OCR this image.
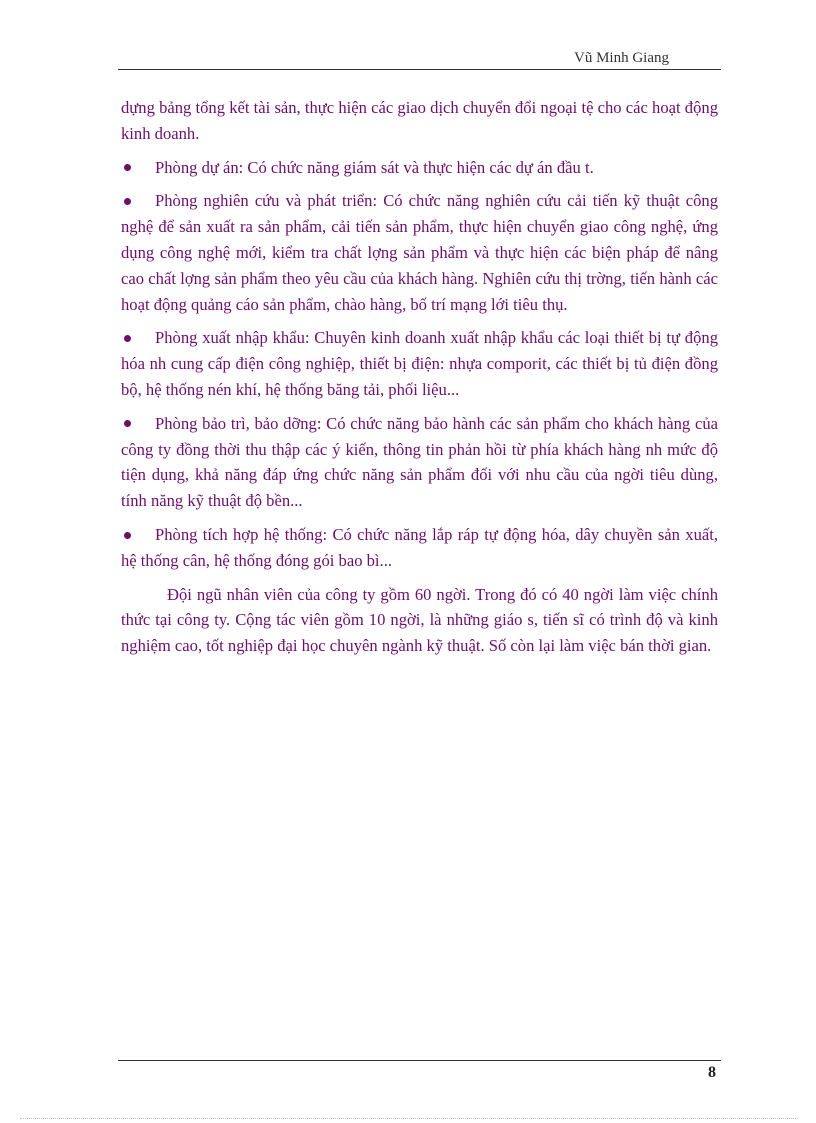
Vũ Minh Giang

dựng bảng tổng kết tài sản, thực hiện các giao dịch chuyển đổi ngoại tệ cho các hoạt động kinh doanh.

Phòng dự án: Có chức năng giám sát và thực hiện các dự án đầu t.
Phòng nghiên cứu và phát triển: Có chức năng nghiên cứu cải tiến kỹ thuật công nghệ để sản xuất ra sản phẩm, cải tiến sản phẩm, thực hiện chuyển giao công nghệ, ứng dụng công nghệ mới, kiểm tra chất lợng sản phẩm và thực hiện các biện pháp để nâng cao chất lợng sản phẩm theo yêu cầu của khách hàng. Nghiên cứu thị trờng, tiến hành các hoạt động quảng cáo sản phẩm, chào hàng, bố trí mạng lới tiêu thụ.
Phòng xuất nhập khẩu: Chuyên kinh doanh xuất nhập khẩu các loại thiết bị tự động hóa nh cung cấp điện công nghiệp, thiết bị điện: nhựa comporit, các thiết bị tủ điện đồng bộ, hệ thống nén khí, hệ thống băng tải, phối liệu...
Phòng bảo trì, bảo dỡng: Có chức năng bảo hành các sản phẩm cho khách hàng của công ty đồng thời thu thập các ý kiến, thông tin phản hồi từ phía khách hàng nh mức độ tiện dụng, khả năng đáp ứng chức năng sản phẩm đối với nhu cầu của ngời tiêu dùng, tính năng kỹ thuật độ bền...
Phòng tích hợp hệ thống: Có chức năng lắp ráp tự động hóa, dây chuyền sản xuất, hệ thống cân, hệ thống đóng gói bao bì...

Đội ngũ nhân viên của công ty gồm 60 ngời. Trong đó có 40 ngời làm việc chính thức tại công ty. Cộng tác viên gồm 10 ngời, là những giáo s, tiến sĩ có trình độ và kinh nghiệm cao, tốt nghiệp đại học chuyên ngành kỹ thuật. Số còn lại làm việc bán thời gian.

8
